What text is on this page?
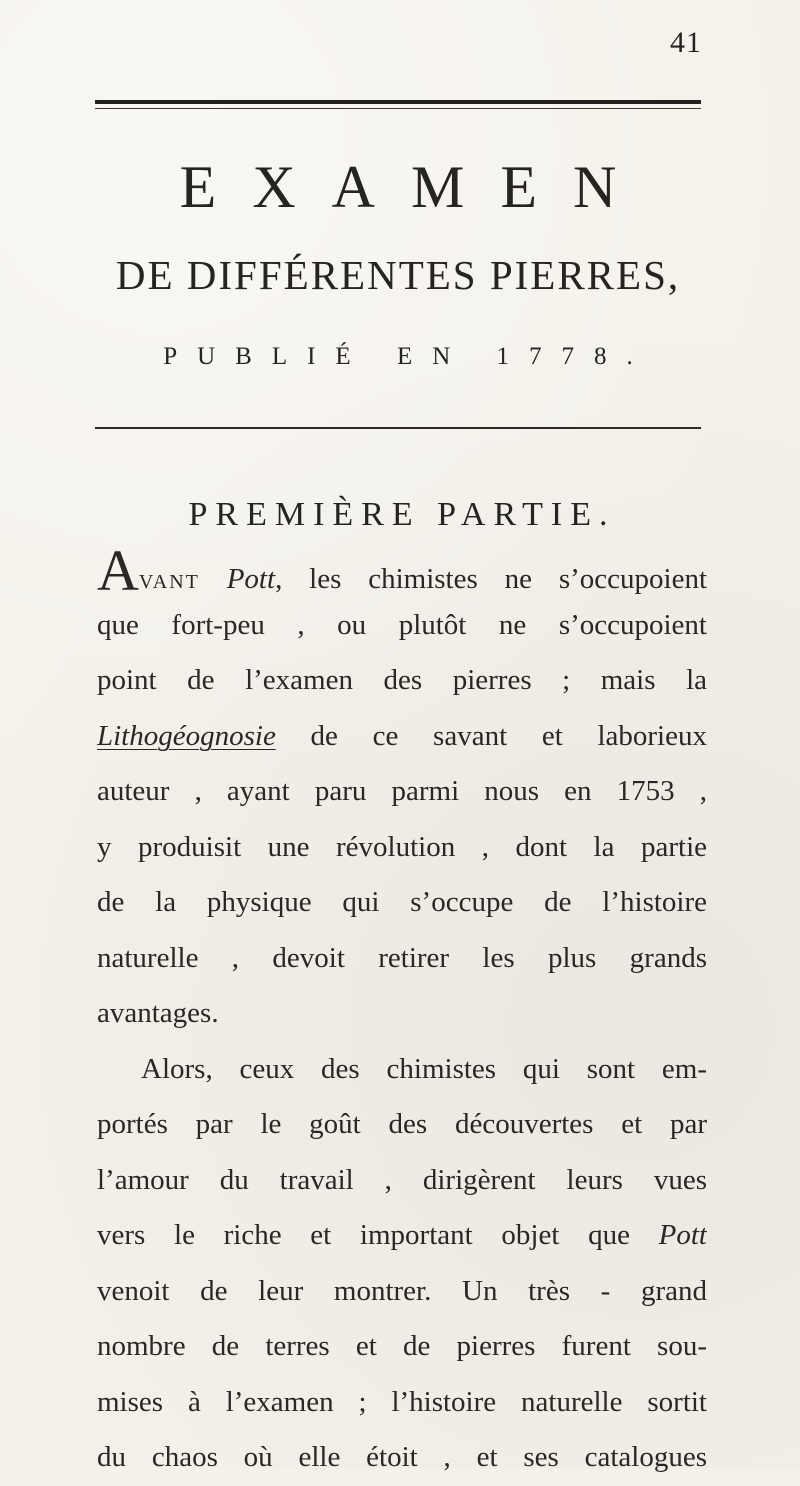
41
EXAMEN
DE DIFFÉRENTES PIERRES,
PUBLIÉ EN 1778.
PREMIÈRE PARTIE.
AVANT Pott, les chimistes ne s’occupoient
que fort-peu , ou plutôt ne s’occupoient
point de l’examen des pierres ; mais la
Lithogéognosie de ce savant et laborieux
auteur , ayant paru parmi nous en 1753 ,
y produisit une révolution , dont la partie
de la physique qui s’occupe de l’histoire
naturelle , devoit retirer les plus grands
avantages.
Alors, ceux des chimistes qui sont em-
portés par le goût des découvertes et par
l’amour du travail , dirigèrent leurs vues
vers le riche et important objet que Pott
venoit de leur montrer. Un très - grand
nombre de terres et de pierres furent sou-
mises à l’examen ; l’histoire naturelle sortit
du chaos où elle étoit , et ses catalogues
